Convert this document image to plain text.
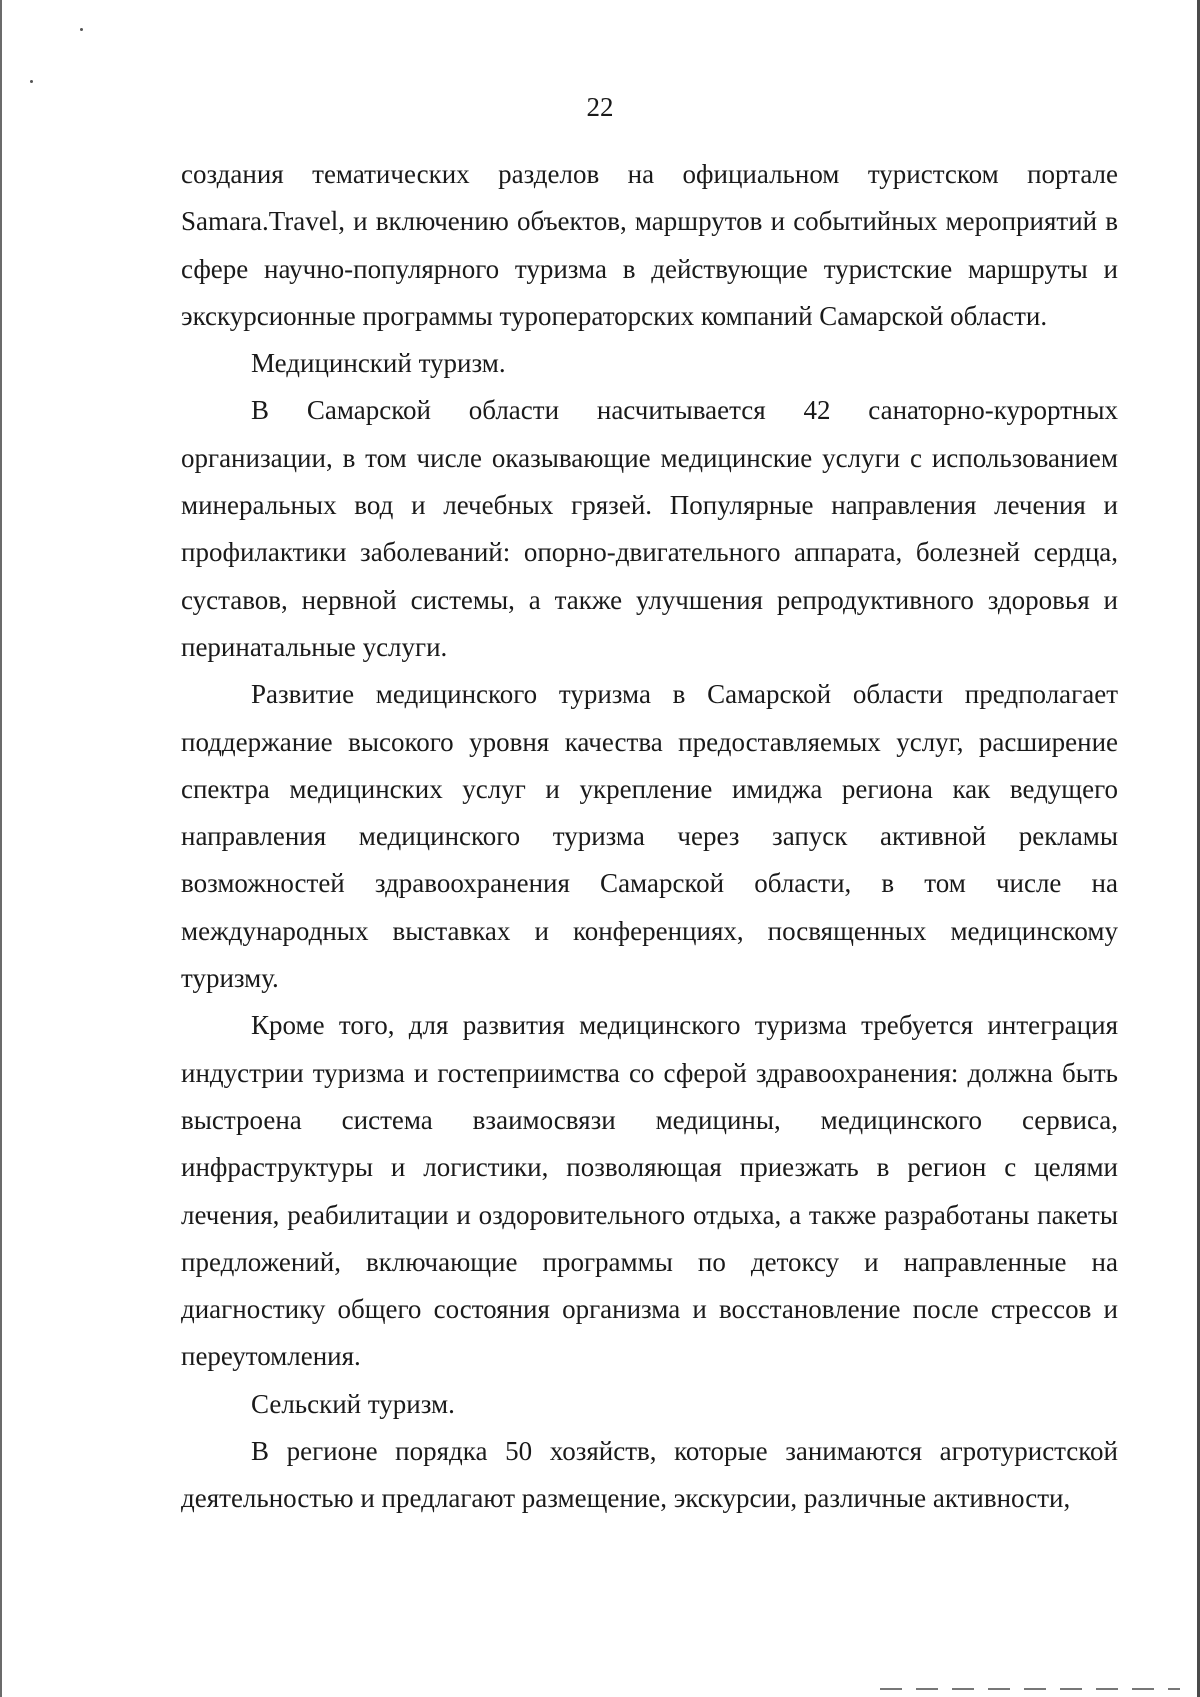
22

создания тематических разделов на официальном туристском портале Samara.Travel, и включению объектов, маршрутов и событийных мероприятий в сфере научно-популярного туризма в действующие туристские маршруты и экскурсионные программы туроператорских компаний Самарской области.

Медицинский туризм.

В Самарской области насчитывается 42 санаторно-курортных организации, в том числе оказывающие медицинские услуги с использованием минеральных вод и лечебных грязей. Популярные направления лечения и профилактики заболеваний: опорно-двигательного аппарата, болезней сердца, суставов, нервной системы, а также улучшения репродуктивного здоровья и перинатальные услуги.

Развитие медицинского туризма в Самарской области предполагает поддержание высокого уровня качества предоставляемых услуг, расширение спектра медицинских услуг и укрепление имиджа региона как ведущего направления медицинского туризма через запуск активной рекламы возможностей здравоохранения Самарской области, в том числе на международных выставках и конференциях, посвященных медицинскому туризму.

Кроме того, для развития медицинского туризма требуется интеграция индустрии туризма и гостеприимства со сферой здравоохранения: должна быть выстроена система взаимосвязи медицины, медицинского сервиса, инфраструктуры и логистики, позволяющая приезжать в регион с целями лечения, реабилитации и оздоровительного отдыха, а также разработаны пакеты предложений, включающие программы по детоксу и направленные на диагностику общего состояния организма и восстановление после стрессов и переутомления.

Сельский туризм.

В регионе порядка 50 хозяйств, которые занимаются агротуристской деятельностью и предлагают размещение, экскурсии, различные активности,
